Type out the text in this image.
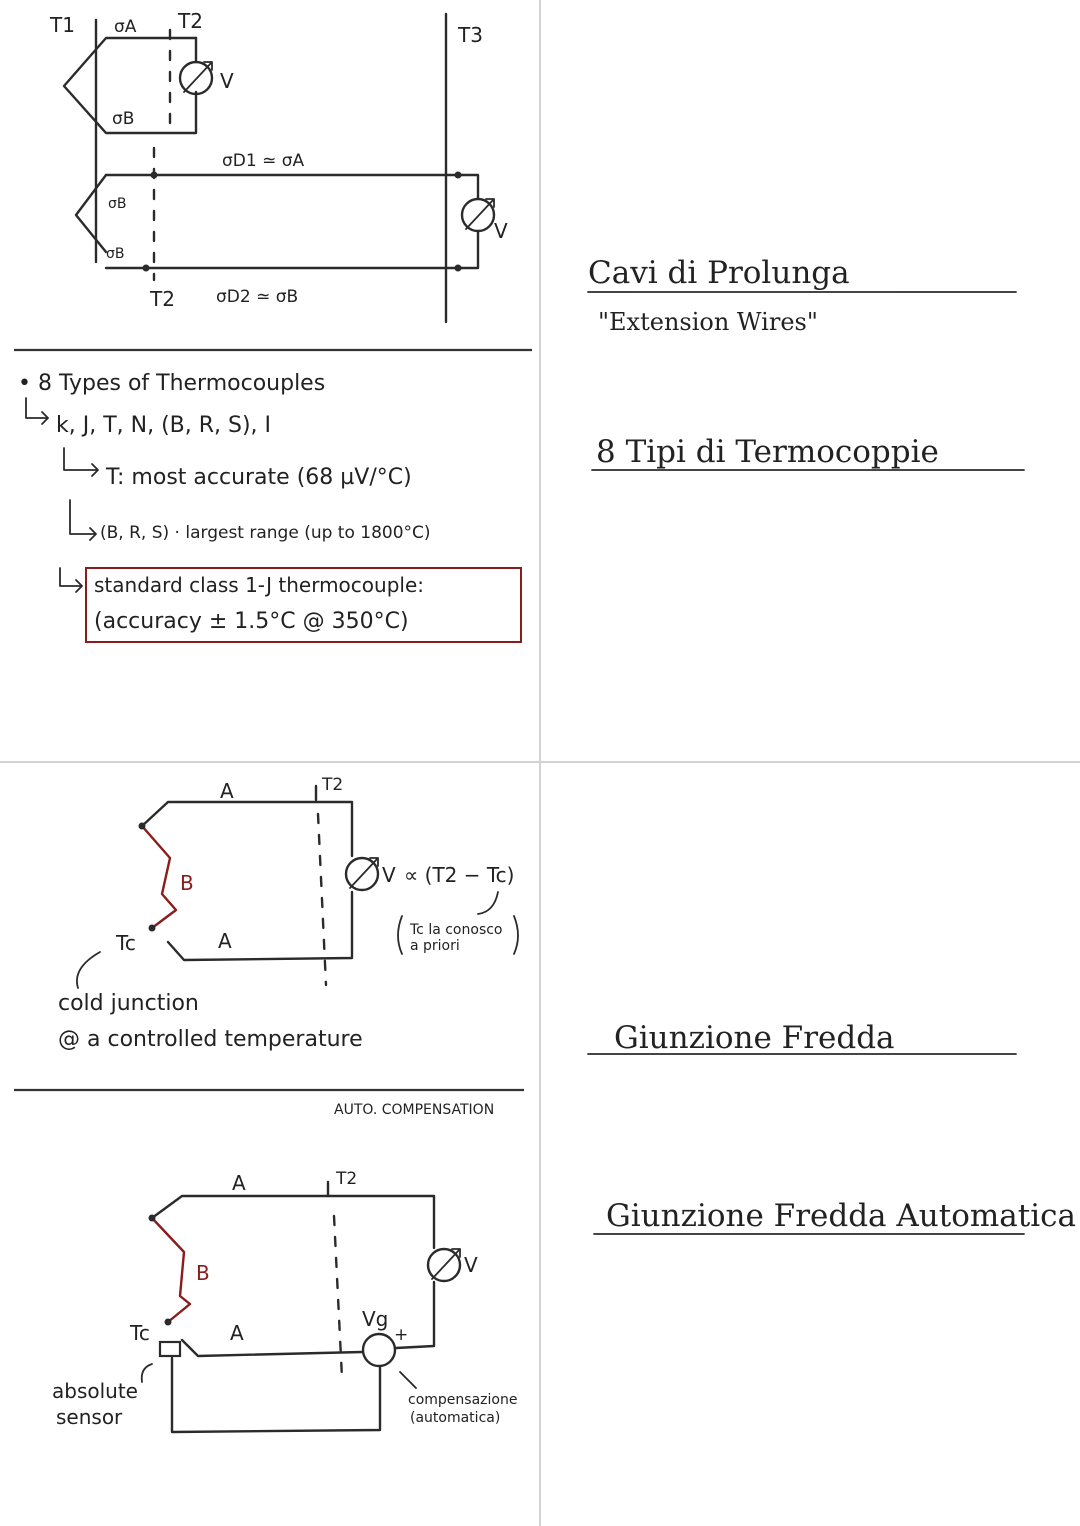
T1 σA T2
T3
σB
V
σD1 ≃ σA
σB
σB
V
T2 σD2 ≃ σB
• 8 Types of Thermocouples
k, J, T, N, (B, R, S), I
T: most accurate (68 µV/°C)
(B, R, S) · largest range (up to 1800°C)
standard class 1-J thermocouple:
(accuracy ± 1.5°C @ 350°C)
Cavi di Prolunga
"Extension Wires"
8 Tipi di Termocoppie
A	T2
B
Tc	A
V ∝ (T2 − Tc)
Tc la conosco
a priori
cold junction
@ a controlled temperature	Giunzione Fredda
AUTO. COMPENSATION
A	T2
B
Tc	A
V
Vg
+
absolute
sensor
compensazione
(automatica)
Giunzione Fredda Automatica
